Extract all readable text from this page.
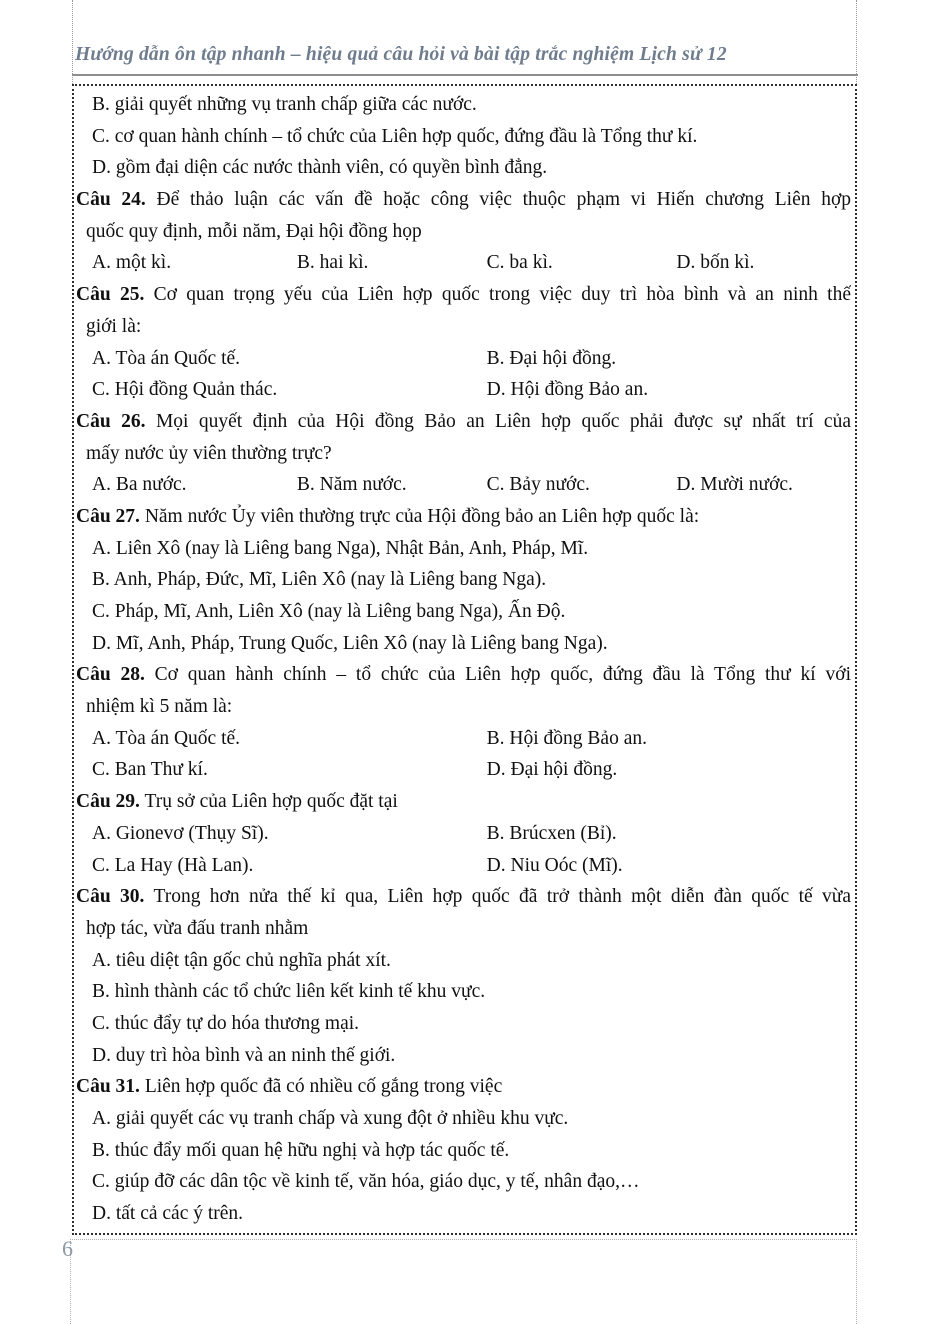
Hướng dẫn ôn tập nhanh – hiệu quả câu hỏi và bài tập trắc nghiệm Lịch sử 12
B. giải quyết những vụ tranh chấp giữa các nước.
C. cơ quan hành chính – tổ chức của Liên hợp quốc, đứng đầu là Tổng thư kí.
D. gồm đại diện các nước thành viên, có quyền bình đẳng.
Câu 24. Để thảo luận các vấn đề hoặc công việc thuộc phạm vi Hiến chương Liên hợp
quốc quy định, mỗi năm, Đại hội đồng họp
A. một kì.	B. hai kì.	C. ba kì.	D. bốn kì.
Câu 25. Cơ quan trọng yếu của Liên hợp quốc trong việc duy trì hòa bình và an ninh thế
giới là:
A. Tòa án Quốc tế.	B. Đại hội đồng.
C. Hội đồng Quản thác.	D. Hội đồng Bảo an.
Câu 26. Mọi quyết định của Hội đồng Bảo an Liên hợp quốc phải được sự nhất trí của
mấy nước ủy viên thường trực?
A. Ba nước.	B. Năm nước.	C. Bảy nước.	D. Mười nước.
Câu 27. Năm nước Ủy viên thường trực của Hội đồng bảo an Liên hợp quốc là:
A. Liên Xô (nay là Liêng bang Nga), Nhật Bản, Anh, Pháp, Mĩ.
B. Anh, Pháp, Đức, Mĩ, Liên Xô (nay là Liêng bang Nga).
C. Pháp, Mĩ, Anh, Liên Xô (nay là Liêng bang Nga), Ấn Độ.
D. Mĩ, Anh, Pháp, Trung Quốc, Liên Xô (nay là Liêng bang Nga).
Câu 28. Cơ quan hành chính – tổ chức của Liên hợp quốc, đứng đầu là Tổng thư kí với
nhiệm kì 5 năm là:
A. Tòa án Quốc tế.	B. Hội đồng Bảo an.
C. Ban Thư kí.	D. Đại hội đồng.
Câu 29. Trụ sở của Liên hợp quốc đặt tại
A. Gionevơ (Thụy Sĩ).	B. Brúcxen (Bỉ).
C. La Hay (Hà Lan).	D. Niu Oóc (Mĩ).
Câu 30. Trong hơn nửa thế kỉ qua, Liên hợp quốc đã trở thành một diễn đàn quốc tế vừa
hợp tác, vừa đấu tranh nhằm
A. tiêu diệt tận gốc chủ nghĩa phát xít.
B. hình thành các tổ chức liên kết kinh tế khu vực.
C. thúc đẩy tự do hóa thương mại.
D. duy trì hòa bình và an ninh thế giới.
Câu 31. Liên hợp quốc đã có nhiều cố gắng trong việc
A. giải quyết các vụ tranh chấp và xung đột ở nhiều khu vực.
B. thúc đẩy mối quan hệ hữu nghị và hợp tác quốc tế.
C. giúp đỡ các dân tộc về kinh tế, văn hóa, giáo dục, y tế, nhân đạo,…
D. tất cả các ý trên.
6
